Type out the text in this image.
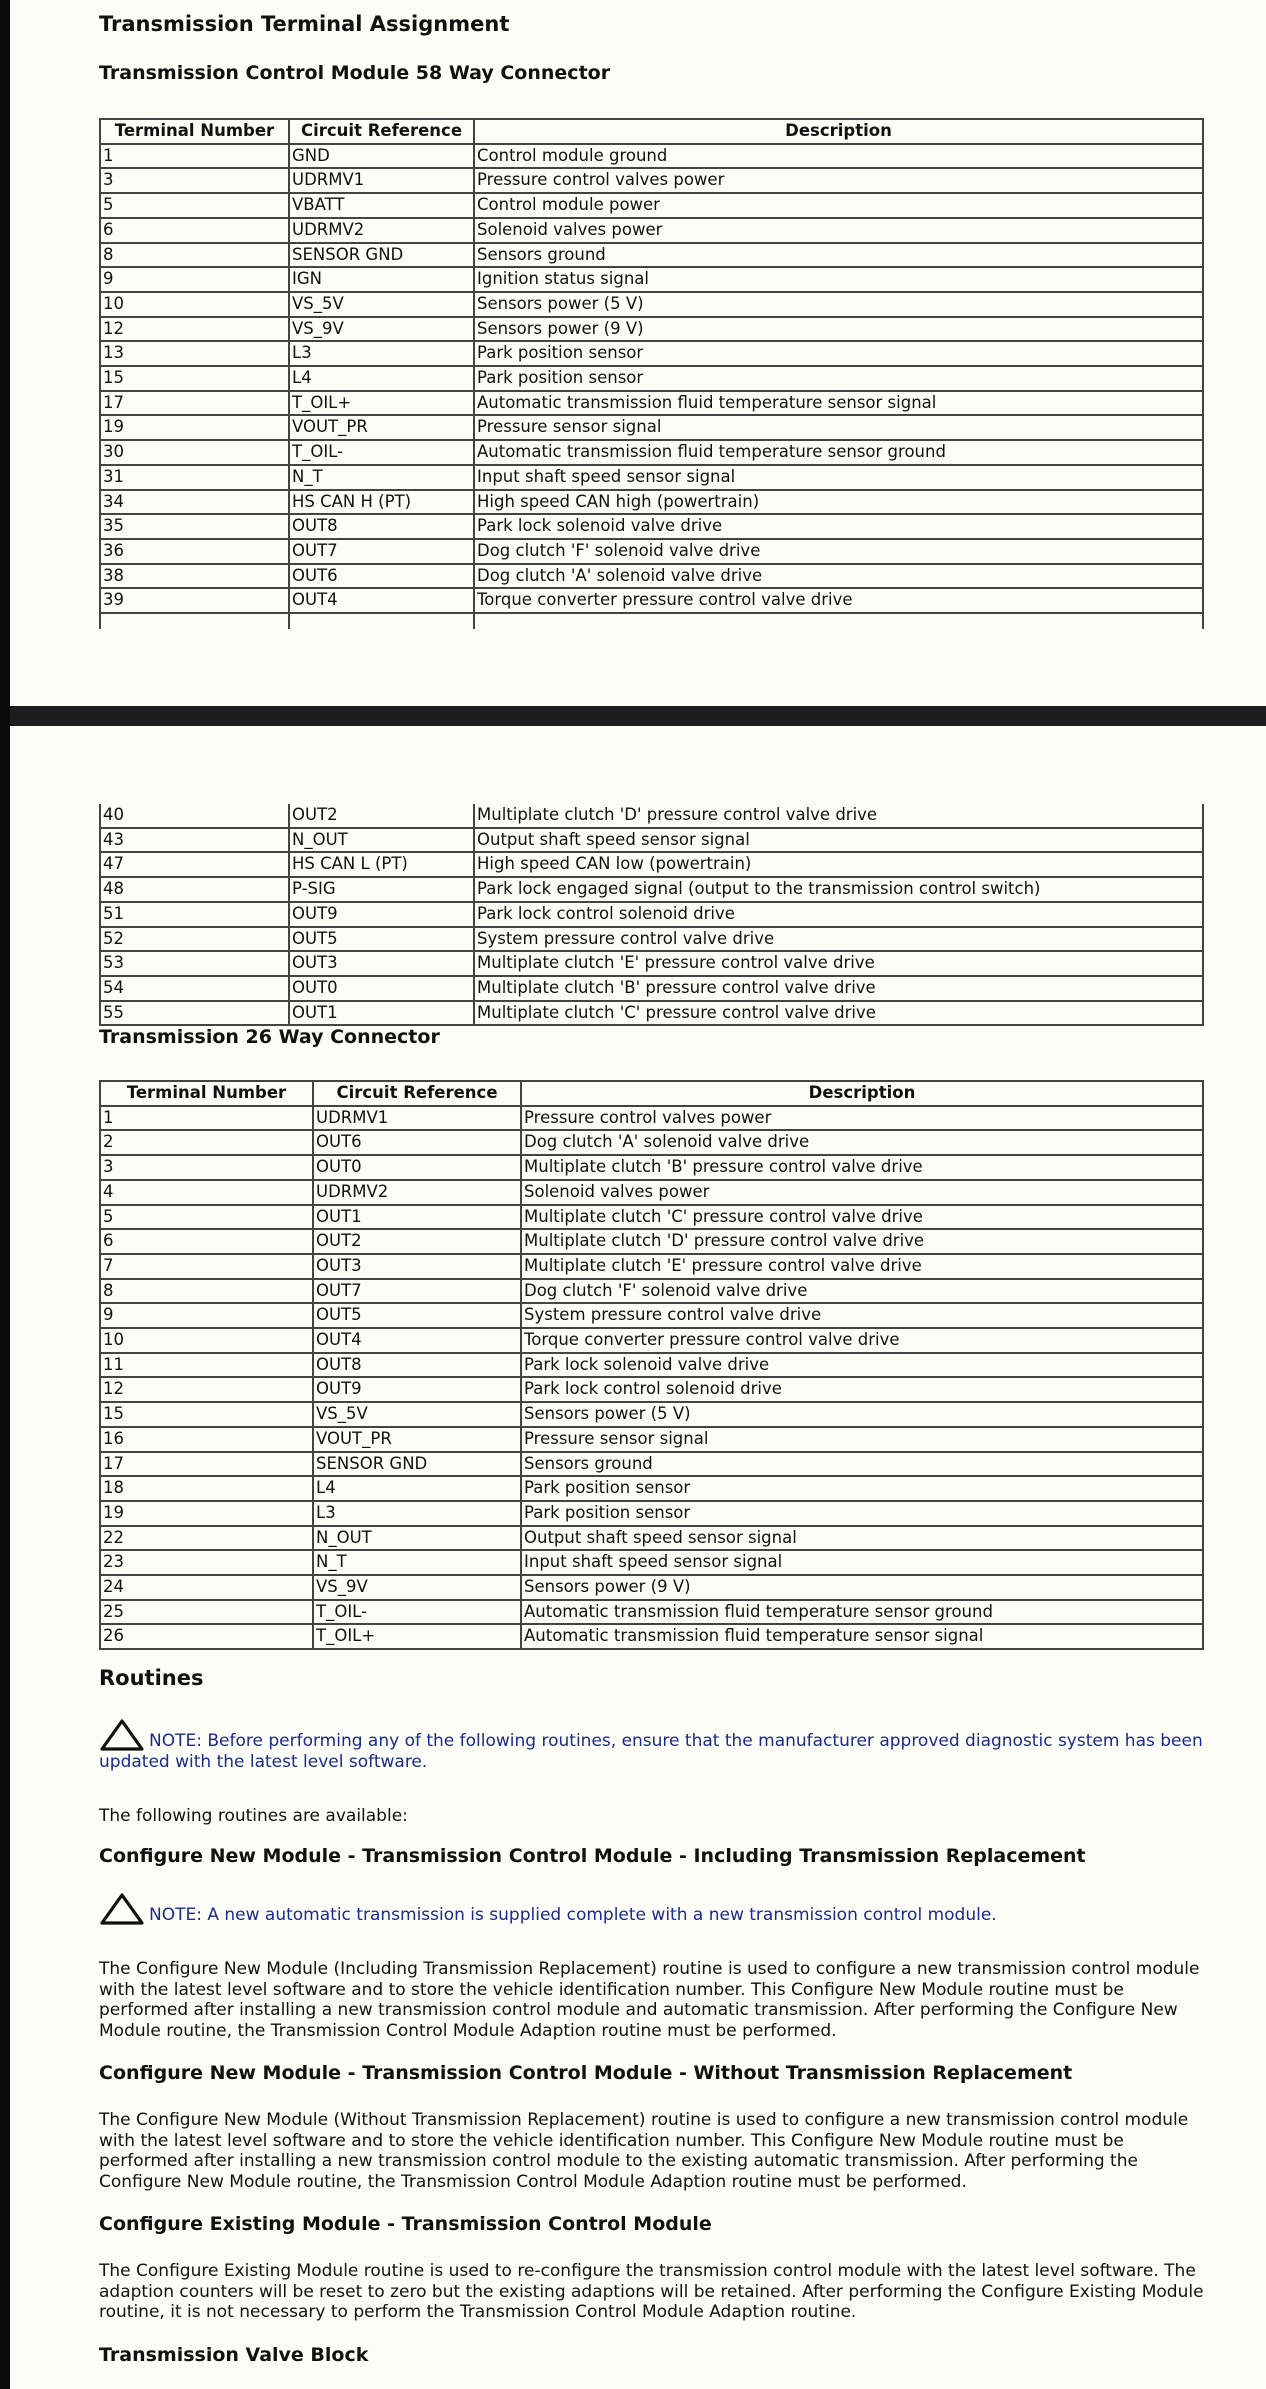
Transmission Terminal Assignment
Transmission Control Module 58 Way Connector
Terminal Number	Circuit Reference	Description
1	GND	Control module ground
3	UDRMV1	Pressure control valves power
5	VBATT	Control module power
6	UDRMV2	Solenoid valves power
8	SENSOR GND	Sensors ground
9	IGN	Ignition status signal
10	VS_5V	Sensors power (5 V)
12	VS_9V	Sensors power (9 V)
13	L3	Park position sensor
15	L4	Park position sensor
17	T_OIL+	Automatic transmission fluid temperature sensor signal
19	VOUT_PR	Pressure sensor signal
30	T_OIL-	Automatic transmission fluid temperature sensor ground
31	N_T	Input shaft speed sensor signal
34	HS CAN H (PT)	High speed CAN high (powertrain)
35	OUT8	Park lock solenoid valve drive
36	OUT7	Dog clutch 'F' solenoid valve drive
38	OUT6	Dog clutch 'A' solenoid valve drive
39	OUT4	Torque converter pressure control valve drive

40	OUT2	Multiplate clutch 'D' pressure control valve drive
43	N_OUT	Output shaft speed sensor signal
47	HS CAN L (PT)	High speed CAN low (powertrain)
48	P-SIG	Park lock engaged signal (output to the transmission control switch)
51	OUT9	Park lock control solenoid drive
52	OUT5	System pressure control valve drive
53	OUT3	Multiplate clutch 'E' pressure control valve drive
54	OUT0	Multiplate clutch 'B' pressure control valve drive
55	OUT1	Multiplate clutch 'C' pressure control valve drive
Transmission 26 Way Connector
Terminal Number	Circuit Reference	Description
1	UDRMV1	Pressure control valves power
2	OUT6	Dog clutch 'A' solenoid valve drive
3	OUT0	Multiplate clutch 'B' pressure control valve drive
4	UDRMV2	Solenoid valves power
5	OUT1	Multiplate clutch 'C' pressure control valve drive
6	OUT2	Multiplate clutch 'D' pressure control valve drive
7	OUT3	Multiplate clutch 'E' pressure control valve drive
8	OUT7	Dog clutch 'F' solenoid valve drive
9	OUT5	System pressure control valve drive
10	OUT4	Torque converter pressure control valve drive
11	OUT8	Park lock solenoid valve drive
12	OUT9	Park lock control solenoid drive
15	VS_5V	Sensors power (5 V)
16	VOUT_PR	Pressure sensor signal
17	SENSOR GND	Sensors ground
18	L4	Park position sensor
19	L3	Park position sensor
22	N_OUT	Output shaft speed sensor signal
23	N_T	Input shaft speed sensor signal
24	VS_9V	Sensors power (9 V)
25	T_OIL-	Automatic transmission fluid temperature sensor ground
26	T_OIL+	Automatic transmission fluid temperature sensor signal
Routines

NOTE: Before performing any of the following routines, ensure that the manufacturer approved diagnostic system has been updated with the latest level software.

The following routines are available:

Configure New Module - Transmission Control Module - Including Transmission Replacement

NOTE: A new automatic transmission is supplied complete with a new transmission control module.

The Configure New Module (Including Transmission Replacement) routine is used to configure a new transmission control module with the latest level software and to store the vehicle identification number. This Configure New Module routine must be performed after installing a new transmission control module and automatic transmission. After performing the Configure New Module routine, the Transmission Control Module Adaption routine must be performed.

Configure New Module - Transmission Control Module - Without Transmission Replacement

The Configure New Module (Without Transmission Replacement) routine is used to configure a new transmission control module with the latest level software and to store the vehicle identification number. This Configure New Module routine must be performed after installing a new transmission control module to the existing automatic transmission. After performing the Configure New Module routine, the Transmission Control Module Adaption routine must be performed.

Configure Existing Module - Transmission Control Module

The Configure Existing Module routine is used to re-configure the transmission control module with the latest level software. The adaption counters will be reset to zero but the existing adaptions will be retained. After performing the Configure Existing Module routine, it is not necessary to perform the Transmission Control Module Adaption routine.

Transmission Valve Block
